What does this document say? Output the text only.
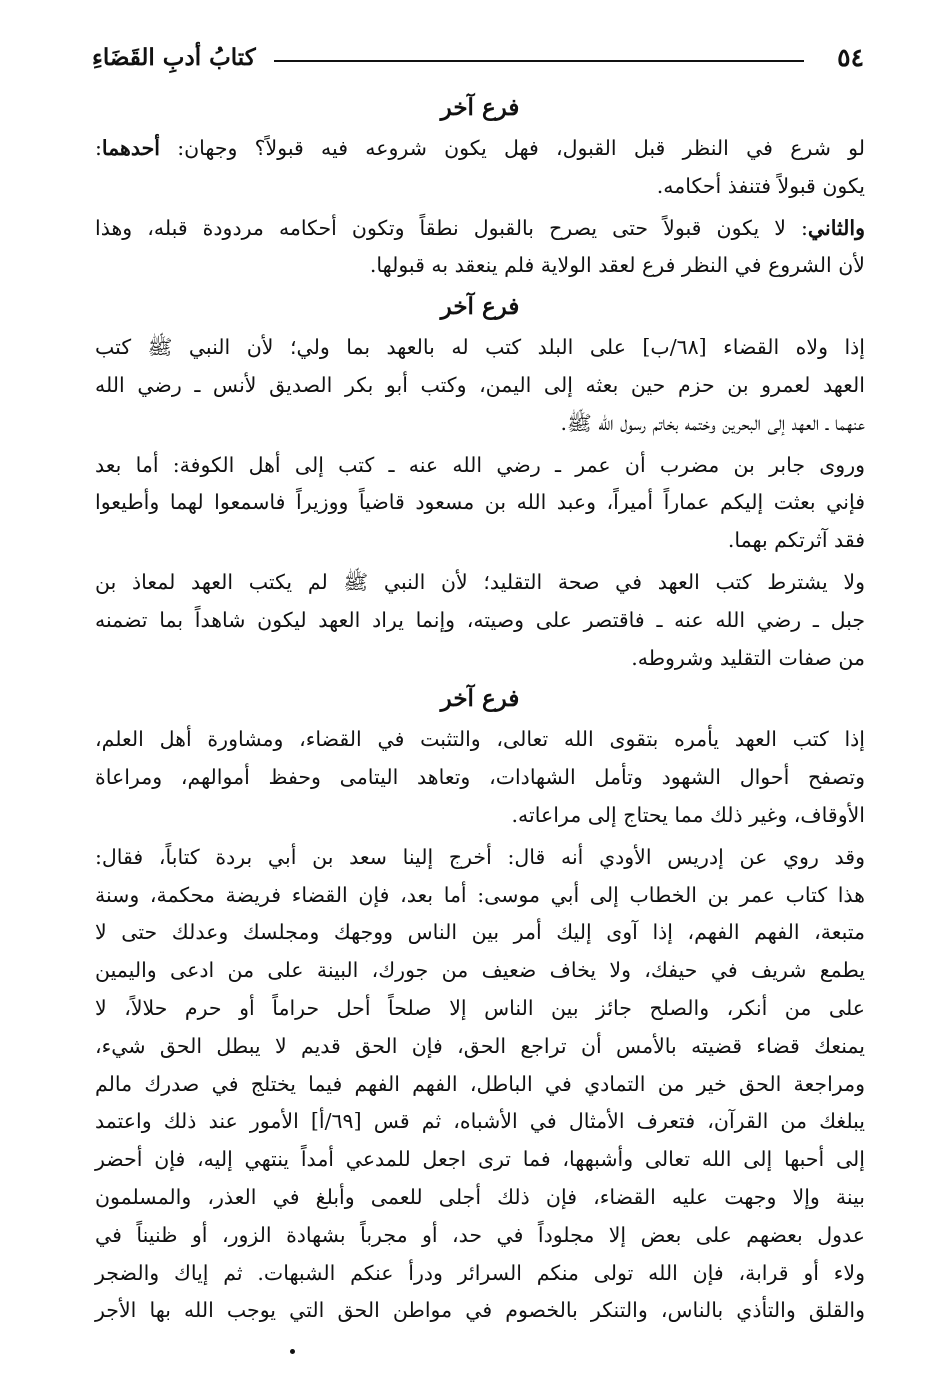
٥٤
كتابُ أدبِ القَضَاءِ
فرع آخر
لو شرع في النظر قبل القبول، فهل يكون شروعه فيه قبولاً؟ وجهان: أحدهما:
يكون قبولاً فتنفذ أحكامه.
والثاني: لا يكون قبولاً حتى يصرح بالقبول نطقاً وتكون أحكامه مردودة قبله، وهذا
لأن الشروع في النظر فرع لعقد الولاية فلم ينعقد به قبولها.
فرع آخر
إذا ولاه القضاء [٦٨/ب] على البلد كتب له بالعهد بما ولي؛ لأن النبي ﷺ كتب
العهد لعمرو بن حزم حين بعثه إلى اليمن، وكتب أبو بكر الصديق لأنس ـ رضي الله
عنهما ـ العهد إلى البحرين وختمه بخاتم رسول الله ﷺ.
وروى جابر بن مضرب أن عمر ـ رضي الله عنه ـ كتب إلى أهل الكوفة: أما بعد
فإني بعثت إليكم عماراً أميراً، وعبد الله بن مسعود قاضياً ووزيراً فاسمعوا لهما وأطيعوا
فقد آثرتكم بهما.
ولا يشترط كتب العهد في صحة التقليد؛ لأن النبي ﷺ لم يكتب العهد لمعاذ بن
جبل ـ رضي الله عنه ـ فاقتصر على وصيته، وإنما يراد العهد ليكون شاهداً بما تضمنه
من صفات التقليد وشروطه.
فرع آخر
إذا كتب العهد يأمره بتقوى الله تعالى، والتثبت في القضاء، ومشاورة أهل العلم،
وتصفح أحوال الشهود وتأمل الشهادات، وتعاهد اليتامى وحفظ أموالهم، ومراعاة
الأوقاف، وغير ذلك مما يحتاج إلى مراعاته.
وقد روي عن إدريس الأودي أنه قال: أخرج إلينا سعد بن أبي بردة كتاباً، فقال:
هذا كتاب عمر بن الخطاب إلى أبي موسى: أما بعد، فإن القضاء فريضة محكمة، وسنة
متبعة، الفهم الفهم، إذا آوى إليك أمر بين الناس ووجهك ومجلسك وعدلك حتى لا
يطمع شريف في حيفك، ولا يخاف ضعيف من جورك، البينة على من ادعى واليمين
على من أنكر، والصلح جائز بين الناس إلا صلحاً أحل حراماً أو حرم حلالاً، لا
يمنعك قضاء قضيته بالأمس أن تراجع الحق، فإن الحق قديم لا يبطل الحق شيء،
ومراجعة الحق خير من التمادي في الباطل، الفهم الفهم فيما يختلج في صدرك مالم
يبلغك من القرآن، فتعرف الأمثال في الأشباه، ثم قس [٦٩/أ] الأمور عند ذلك واعتمد
إلى أحبها إلى الله تعالى وأشبهها، فما ترى اجعل للمدعي أمداً ينتهي إليه، فإن أحضر
بينة وإلا وجهت عليه القضاء، فإن ذلك أجلى للعمى وأبلغ في العذر، والمسلمون
عدول بعضهم على بعض إلا مجلوداً في حد، أو مجرباً بشهادة الزور، أو ظنيناً في
ولاء أو قرابة، فإن الله تولى منكم السرائر ودرأ عنكم الشبهات. ثم إياك والضجر
والقلق والتأذي بالناس، والتنكر بالخصوم في مواطن الحق التي يوجب الله بها الأجر
